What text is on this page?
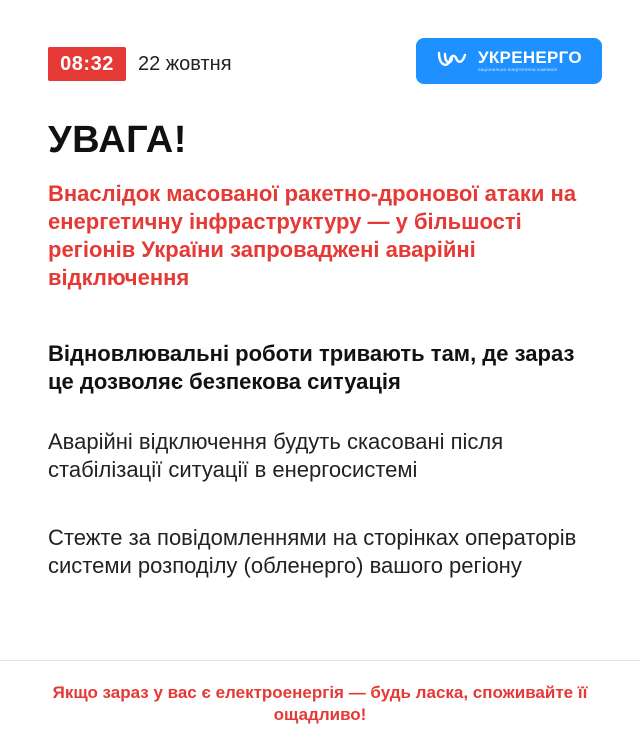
08:32	22 жовтня	УКРЕНЕРГО
національна енергетична компанія
УВАГА!

Внаслідок масованої ракетно-дронової атаки на енергетичну інфраструктуру — у більшості регіонів України запроваджені аварійні відключення

Відновлювальні роботи тривають там, де зараз це дозволяє безпекова ситуація

Аварійні відключення будуть скасовані після стабілізації ситуації в енергосистемі

Стежте за повідомленнями на сторінках операторів системи розподілу (обленерго) вашого регіону

Якщо зараз у вас є електроенергія — будь ласка, споживайте її ощадливо!
